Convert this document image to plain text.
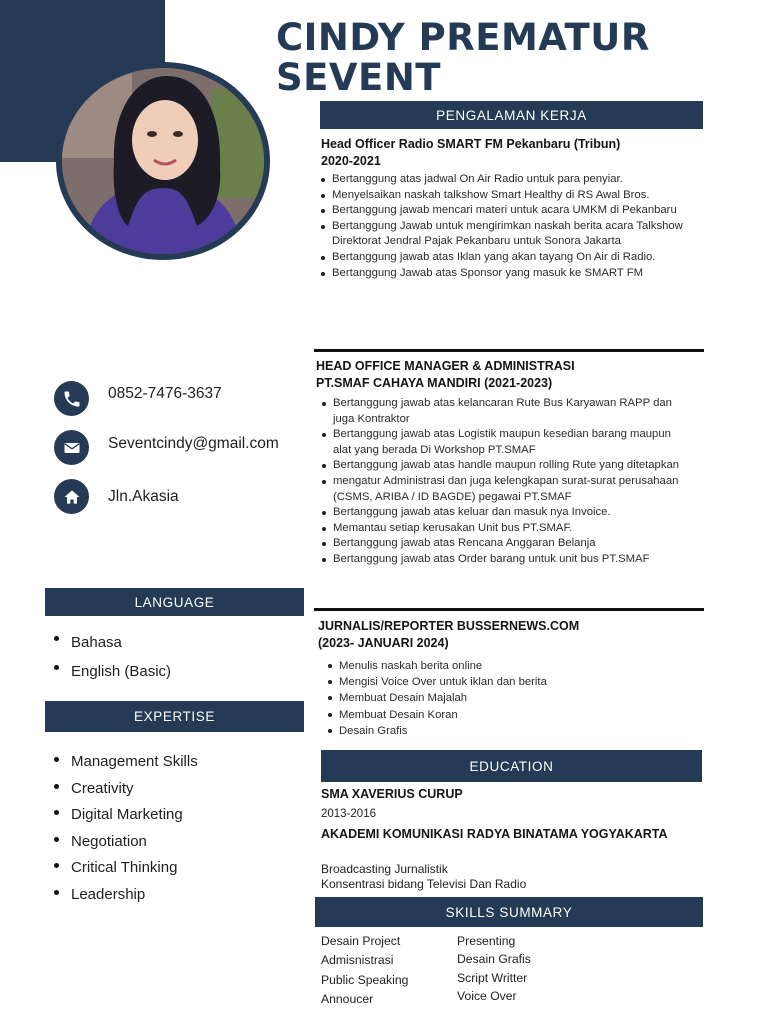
CINDY PREMATUR
SEVENT
PENGALAMAN KERJA
Head Officer Radio SMART FM Pekanbaru (Tribun)
2020-2021
Bertanggung atas jadwal On Air Radio untuk para penyiar.
Menyelsaikan naskah talkshow Smart Healthy di RS Awal Bros.
Bertanggung jawab mencari materi untuk acara UMKM di Pekanbaru
Bertanggung Jawab untuk mengirimkan naskah berita acara Talkshow Direktorat Jendral Pajak Pekanbaru untuk Sonora Jakarta
Bertanggung jawab atas Iklan yang akan tayang On Air di Radio.
Bertanggung Jawab atas Sponsor yang masuk ke SMART FM
HEAD OFFICE MANAGER & ADMINISTRASI
PT.SMAF CAHAYA MANDIRI (2021-2023)
Bertanggung jawab atas kelancaran Rute Bus Karyawan RAPP dan juga Kontraktor
Bertanggung jawab atas Logistik maupun kesedian barang maupun alat yang berada Di Workshop PT.SMAF
Bertanggung jawab atas handle maupun rolling Rute yang ditetapkan
mengatur Administrasi dan juga kelengkapan surat-surat perusahaan (CSMS, ARIBA / ID BAGDE) pegawai PT.SMAF
Bertanggung jawab atas keluar dan masuk nya Invoice.
Memantau setiap kerusakan Unit bus PT.SMAF.
Bertanggung jawab atas Rencana Anggaran Belanja
Bertanggung jawab atas Order barang untuk unit bus PT.SMAF
JURNALIS/REPORTER BUSSERNEWS.COM
(2023- JANUARI 2024)
Menulis naskah berita online
Mengisi Voice Over untuk iklan dan berita
Membuat Desain Majalah
Membuat Desain Koran
Desain Grafis
0852-7476-3637
Seventcindy@gmail.com
Jln.Akasia
LANGUAGE
Bahasa
English (Basic)
EXPERTISE
Management Skills
Creativity
Digital Marketing
Negotiation
Critical Thinking
Leadership
EDUCATION
SMA XAVERIUS CURUP
2013-2016
AKADEMI KOMUNIKASI RADYA BINATAMA YOGYAKARTA
Broadcasting Jurnalistik
Konsentrasi bidang Televisi Dan Radio
SKILLS SUMMARY
Desain Project
Admisnistrasi
Public Speaking
Annoucer
Presenting
Desain Grafis
Script Writter
Voice Over
